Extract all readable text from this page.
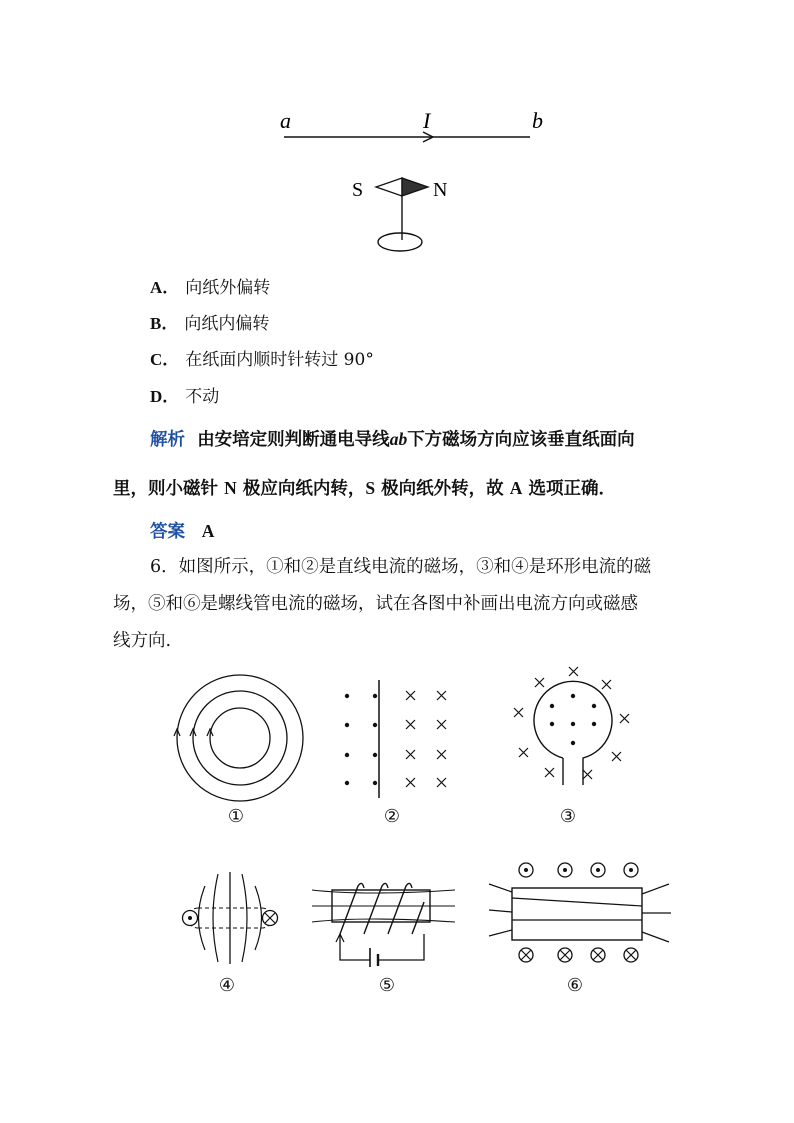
a	I	b
S	N
A． 向纸外偏转
B． 向纸内偏转
C． 在纸面内顺时针转过 90°
D． 不动
解析 由安培定则判断通电导线ab下方磁场方向应该垂直纸面向
里，则小磁针 N 极应向纸内转，S 极向纸外转，故 A 选项正确．
答案 A
6．如图所示，①和②是直线电流的磁场，③和④是环形电流的磁
场，⑤和⑥是螺线管电流的磁场，试在各图中补画出电流方向或磁感
线方向.
①	②	③
④	⑤	⑥
